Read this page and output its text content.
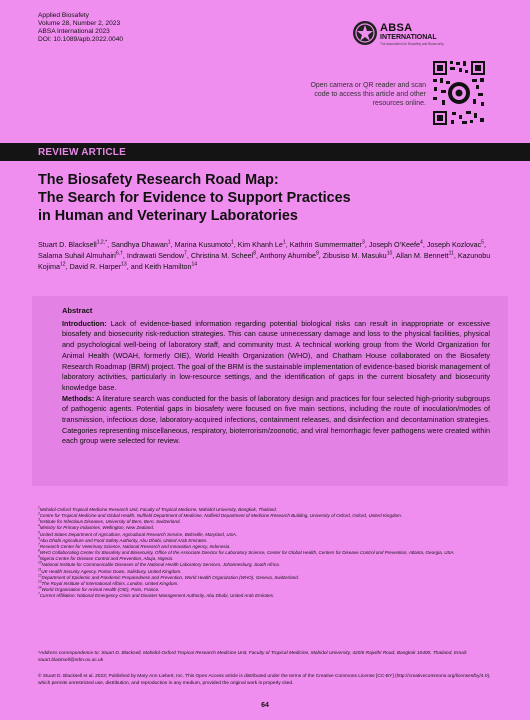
Applied Biosafety
Volume 28, Number 2, 2023
ABSA International 2023
DOI: 10.1089/apb.2022.0040
ABSA
INTERNATIONAL
The Association for Biosafety and Biosecurity
Open camera or QR reader and scan code to access this article and other resources online.
REVIEW ARTICLE
The Biosafety Research Road Map:
The Search for Evidence to Support Practices
in Human and Veterinary Laboratories

Stuart D. Blacksell$^{1,2,*}$, Sandhya Dhawan$^1$, Marina Kusumoto$^1$, Kim Khanh Le$^1$, Kathrin Summermatter$^3$, Joseph O’Keefe$^4$, Joseph Kozlovac$^5$, Salama Suhail Almuhairi$^{6,\dagger}$, Indrawati Sendow$^7$, Christina M. Scheel$^8$, Anthony Ahumibe$^9$, Zibusiso M. Masuku$^{10}$, Allan M. Bennett$^{11}$, Kazunobu Kojima$^{12}$, David R. Harper$^{13}$, and Keith Hamilton$^{14}$

Abstract
Introduction: Lack of evidence-based information regarding potential biological risks can result in inappropriate or excessive biosafety and biosecurity risk-reduction strategies. This can cause unnecessary damage and loss to the physical facilities, physical and psychological well-being of laboratory staff, and community trust. A technical working group from the World Organization for Animal Health (WOAH, formerly OIE), World Health Organization (WHO), and Chatham House collaborated on the Biosafety Research Roadmap (BRM) project. The goal of the BRM is the sustainable implementation of evidence-based biorisk management of laboratory activities, particularly in low-resource settings, and the identification of gaps in the current biosafety and biosecurity knowledge base.
Methods: A literature search was conducted for the basis of laboratory design and practices for four selected high-priority subgroups of pathogenic agents. Potential gaps in biosafety were focused on five main sections, including the route of inoculation/modes of transmission, infectious dose, laboratory-acquired infections, containment releases, and disinfection and decontamination strategies. Categories representing miscellaneous, respiratory, bioterrorism/zoonotic, and viral hemorrhagic fever pathogens were created within each group were selected for review.
$^1$Mahidol-Oxford Tropical Medicine Research Unit, Faculty of Tropical Medicine, Mahidol University, Bangkok, Thailand.
$^2$Centre for Tropical Medicine and Global Health, Nuffield Department of Medicine, Nuffield Department of Medicine Research Building, University of Oxford, Oxford, United Kingdom.
$^3$Institute for Infectious Diseases, University of Bern, Bern, Switzerland.
$^4$Ministry for Primary Industries, Wellington, New Zealand.
$^5$United States Department of Agriculture, Agricultural Research Service, Beltsville, Maryland, USA.
$^6$Abu Dhabi Agriculture and Food Safety Authority, Abu Dhabi, United Arab Emirates.
$^7$Research Center for Veterinary Science, National Research and Innovation Agency, Indonesia.
$^8$WHO Collaborating Center for Biosafety and Biosecurity, Office of the Associate Director for Laboratory Science, Center for Global Health, Centers for Disease Control and Prevention, Atlanta, Georgia, USA.
$^9$Nigeria Centre for Disease Control and Prevention, Abuja, Nigeria.
$^{10}$National Institute for Communicable Diseases of the National Health Laboratory Services, Johannesburg, South Africa.
$^{11}$UK Health Security Agency, Porton Down, Salisbury, United Kingdom.
$^{12}$Department of Epidemic and Pandemic Preparedness and Prevention, World Health Organization (WHO), Geneva, Switzerland.
$^{13}$The Royal Institute of International Affairs, London, United Kingdom.
$^{14}$World Organisation for Animal Health (OIE), Paris, France.
†Current Affiliation: National Emergency Crisis and Disaster Management Authority, Abu Dhabi, United Arab Emirates.
*Address correspondence to: Stuart D. Blacksell, Mahidol-Oxford Tropical Research Medicine Unit, Faculty of Tropical Medicine, Mahidol University, 420/6 Rajvithi Road, Bangkok 10400, Thailand, Email: stuart.blacksell@ndm.ox.ac.uk
© Stuart D. Blacksell et al. 2023; Published by Mary Ann Liebert, Inc. This Open Access article is distributed under the terms of the Creative Commons License [CC-BY] (http://creativecommons.org/licenses/by/4.0), which permits unrestricted use, distribution, and reproduction in any medium, provided the original work is properly cited.
64
